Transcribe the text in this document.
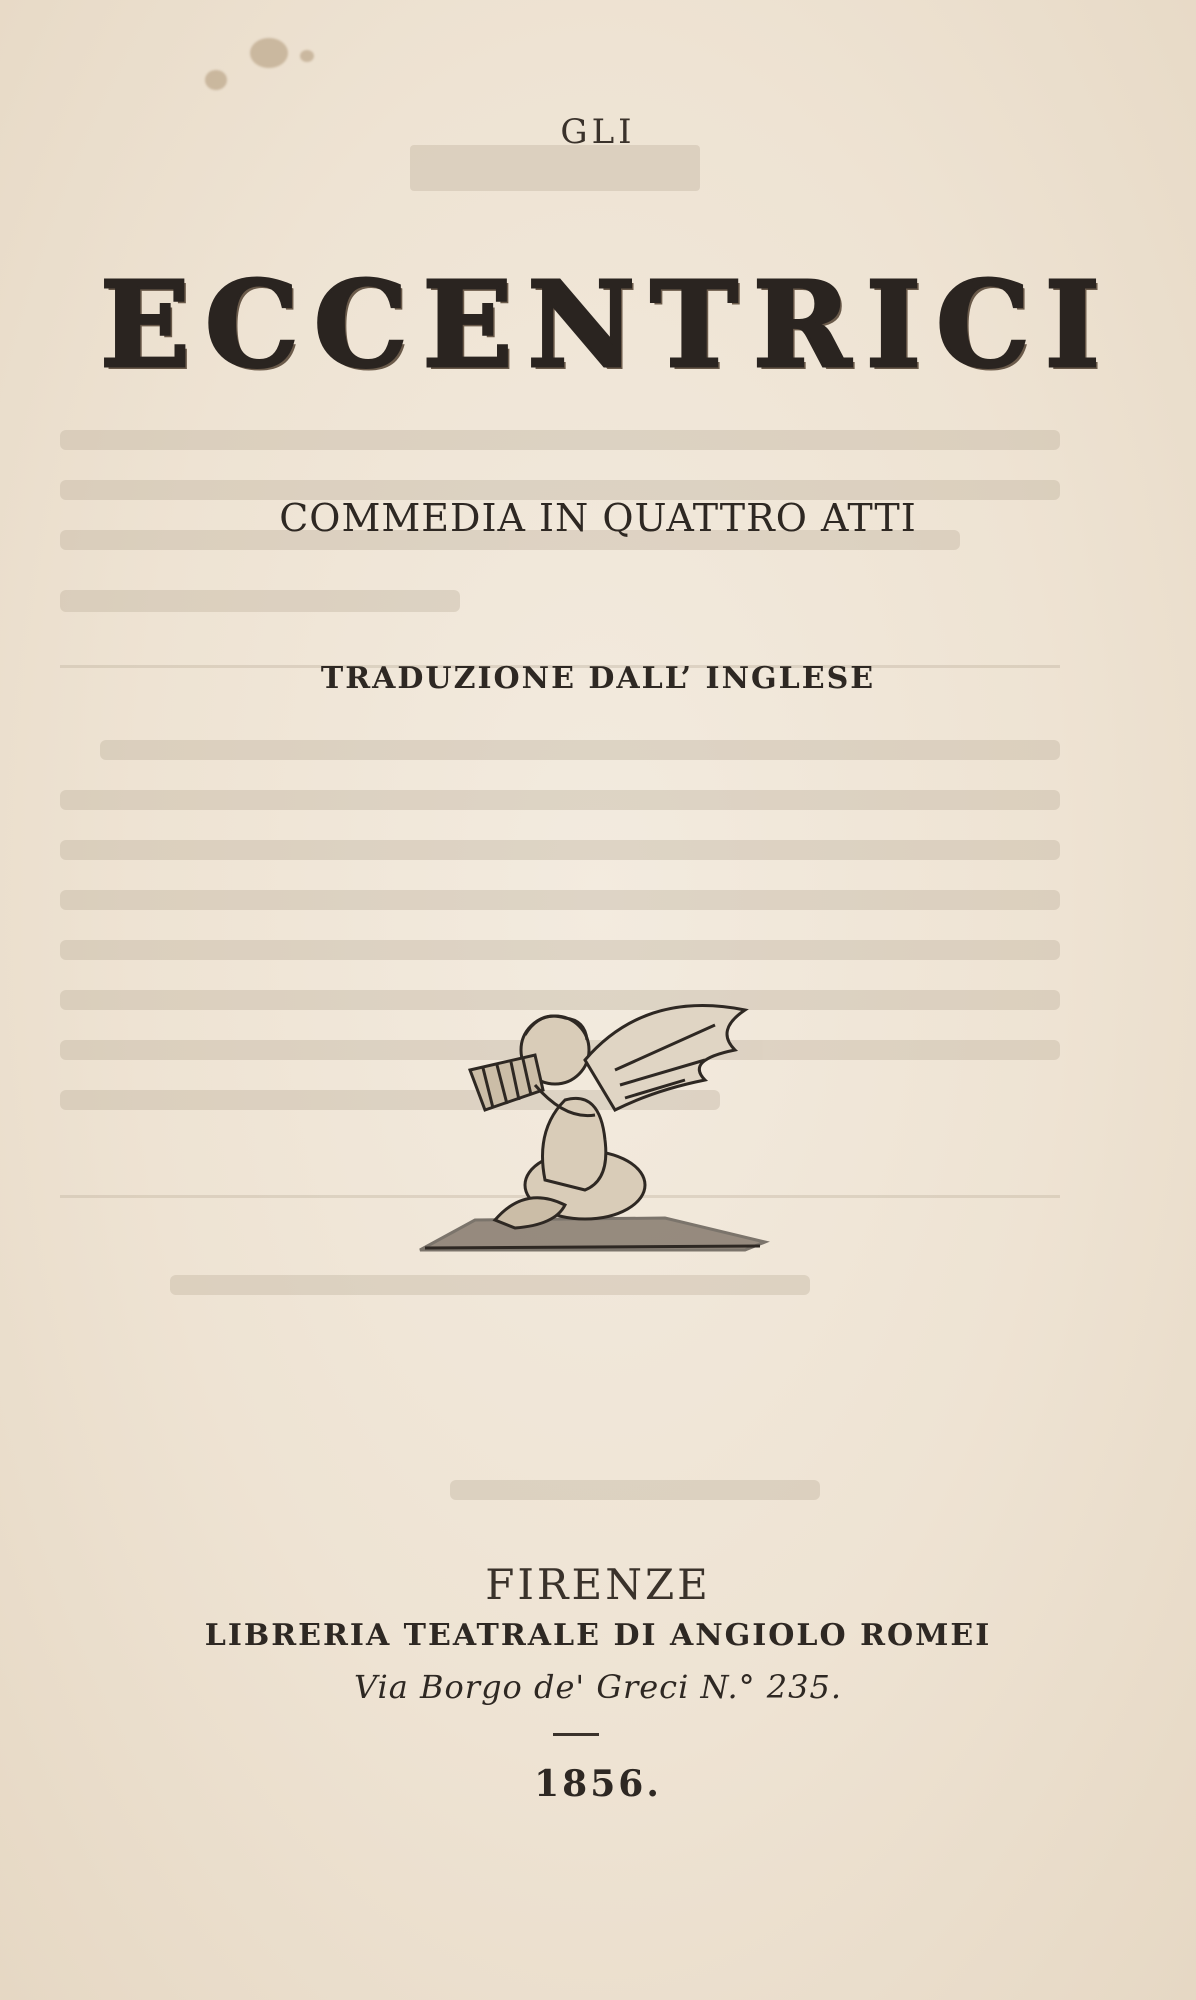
GLI
E C C E N T R I C I
COMMEDIA IN QUATTRO ATTI
TRADUZIONE DALL’ INGLESE
FIRENZE
LIBRERIA TEATRALE DI ANGIOLO ROMEI
Via Borgo de' Greci N.° 235.
1856.
